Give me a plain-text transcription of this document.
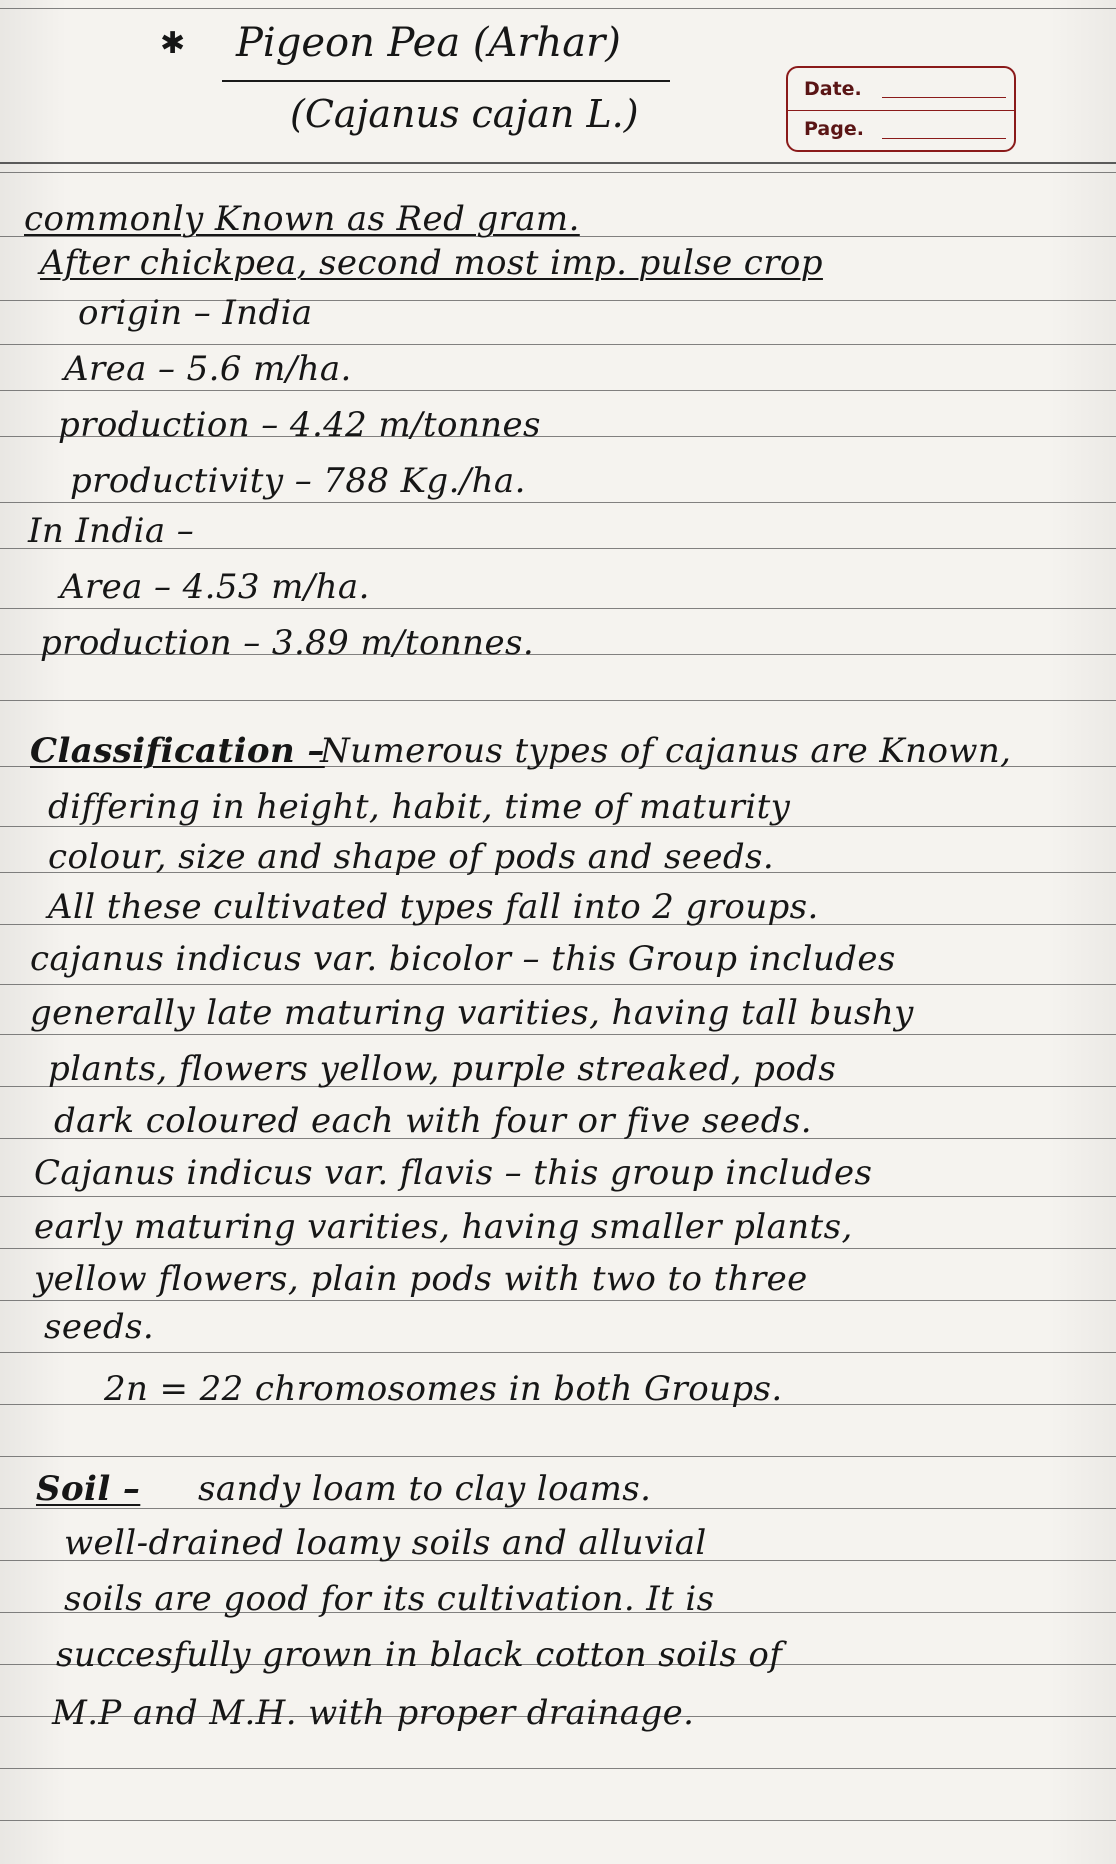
✱ Pigeon Pea (Arhar)
(Cajanus cajan L.)
Date.
Page.
commonly Known as Red gram.
After chickpea, second most imp. pulse crop
origin – India
Area – 5.6 m/ha.
production – 4.42 m/tonnes
productivity – 788 Kg./ha.
In India –
Area – 4.53 m/ha.
production – 3.89 m/tonnes.
Classification –
Numerous types of cajanus are Known,
differing in height, habit, time of maturity
colour, size and shape of pods and seeds.
All these cultivated types fall into 2 groups.
cajanus indicus var. bicolor – this Group includes
generally late maturing varities, having tall bushy
plants, flowers yellow, purple streaked, pods
dark coloured each with four or five seeds.
Cajanus indicus var. flavis – this group includes
early maturing varities, having smaller plants,
yellow flowers, plain pods with two to three
seeds.
2n = 22 chromosomes in both Groups.
Soil – sandy loam to clay loams.
well-drained loamy soils and alluvial
soils are good for its cultivation. It is
succesfully grown in black cotton soils of
M.P and M.H. with proper drainage.
